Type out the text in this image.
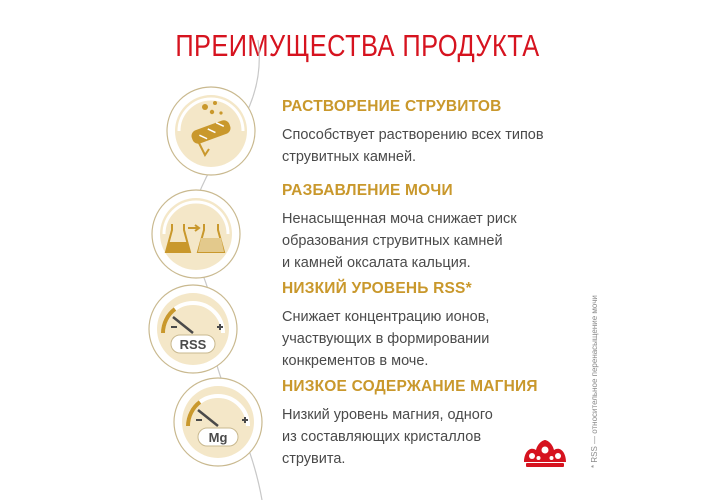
ПРЕИМУЩЕСТВА ПРОДУКТА
RSS
Mg
РАСТВОРЕНИЕ СТРУВИТОВ
Способствует растворению всех типов
струвитных камней.
РАЗБАВЛЕНИЕ МОЧИ
Ненасыщенная моча снижает риск
образования струвитных камней
и камней оксалата кальция.
НИЗКИЙ УРОВЕНЬ RSS*
Снижает концентрацию ионов,
участвующих в формировании
конкрементов в моче.
НИЗКОЕ СОДЕРЖАНИЕ МАГНИЯ
Низкий уровень магния, одного
из составляющих кристаллов
струвита.	* RSS — относительное перенасыщение мочи
